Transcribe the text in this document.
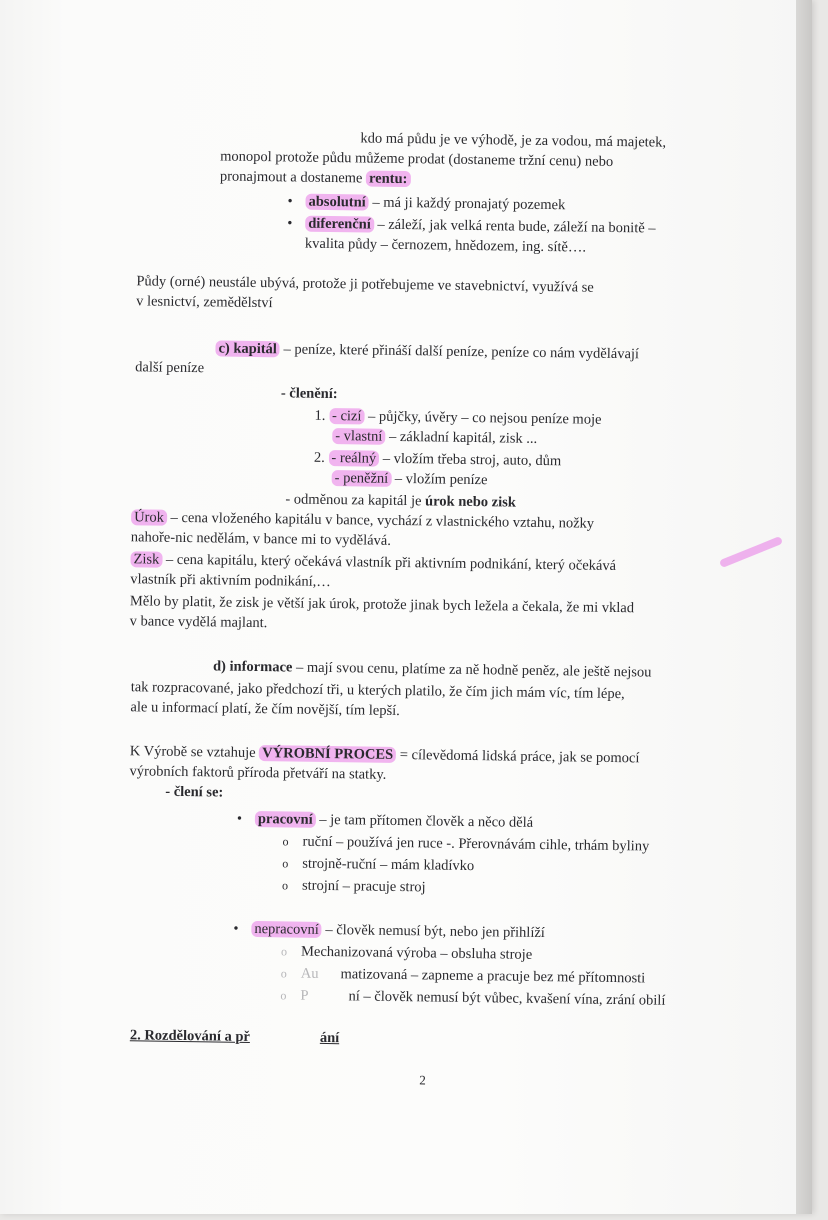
kdo má půdu je ve výhodě, je za vodou, má majetek,
monopol protože půdu můžeme prodat (dostaneme tržní cenu) nebo
pronajmout a dostaneme rentu:
• absolutní – má ji každý pronajatý pozemek
• diferenční – záleží, jak velká renta bude, záleží na bonitě –
kvalita půdy – černozem, hnědozem, ing. sítě….
Půdy (orné) neustále ubývá, protože ji potřebujeme ve stavebnictví, využívá se
v lesnictví, zemědělství
c) kapitál – peníze, které přináší další peníze, peníze co nám vydělávají
další peníze
- členění:
1. - cizí – půjčky, úvěry – co nejsou peníze moje
- vlastní – základní kapitál, zisk ...
2. - reálný – vložím třeba stroj, auto, dům
- peněžní – vložím peníze
- odměnou za kapitál je úrok nebo zisk
Úrok – cena vloženého kapitálu v bance, vychází z vlastnického vztahu, nožky
nahoře-nic nedělám, v bance mi to vydělává.
Zisk – cena kapitálu, který očekává vlastník při aktivním podnikání, který očekává
vlastník při aktivním podnikání,…
Mělo by platit, že zisk je větší jak úrok, protože jinak bych ležela a čekala, že mi vklad
v bance vydělá majlant.
d) informace – mají svou cenu, platíme za ně hodně peněz, ale ještě nejsou
tak rozpracované, jako předchozí tři, u kterých platilo, že čím jich mám víc, tím lépe,
ale u informací platí, že čím novější, tím lepší.
K Výrobě se vztahuje VÝROBNÍ PROCES = cílevědomá lidská práce, jak se pomocí
výrobních faktorů příroda přetváří na statky.
- člení se:
• pracovní – je tam přítomen člověk a něco dělá
o ruční – používá jen ruce -. Přerovnávám cihle, trhám byliny
o strojně-ruční – mám kladívko
o strojní – pracuje stroj
• nepracovní – člověk nemusí být, nebo jen přihlíží
o Mechanizovaná výroba – obsluha stroje
o Au matizovaná – zapneme a pracuje bez mé přítomnosti
o P	ní – člověk nemusí být vůbec, kvašení vína, zrání obilí
2. Rozdělování a př	ání
2
